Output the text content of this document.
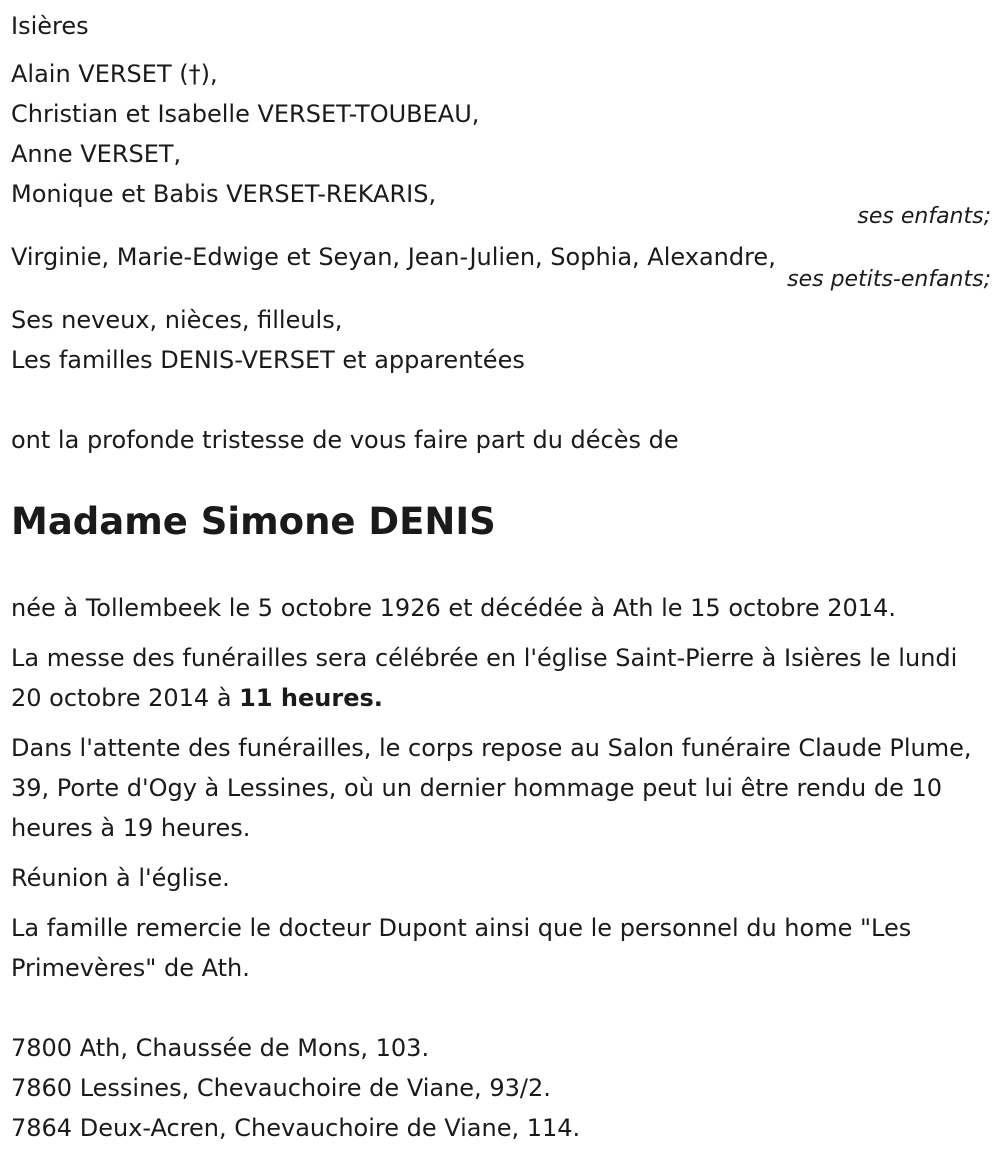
Isières
Alain VERSET (†),
Christian et Isabelle VERSET-TOUBEAU,
Anne VERSET,
Monique et Babis VERSET-REKARIS,
ses enfants;
Virginie, Marie-Edwige et Seyan, Jean-Julien, Sophia, Alexandre,
ses petits-enfants;
Ses neveux, nièces, filleuls,
Les familles DENIS-VERSET et apparentées
ont la profonde tristesse de vous faire part du décès de
Madame Simone DENIS
née à Tollembeek le 5 octobre 1926 et décédée à Ath le 15 octobre 2014.
La messe des funérailles sera célébrée en l'église Saint-Pierre à Isières le lundi 20 octobre 2014 à 11 heures.
Dans l'attente des funérailles, le corps repose au Salon funéraire Claude Plume, 39, Porte d'Ogy à Lessines, où un dernier hommage peut lui être rendu de 10 heures à 19 heures.
Réunion à l'église.
La famille remercie le docteur Dupont ainsi que le personnel du home "Les Primevères" de Ath.
7800 Ath, Chaussée de Mons, 103.
7860 Lessines, Chevauchoire de Viane, 93/2.
7864 Deux-Acren, Chevauchoire de Viane, 114.
